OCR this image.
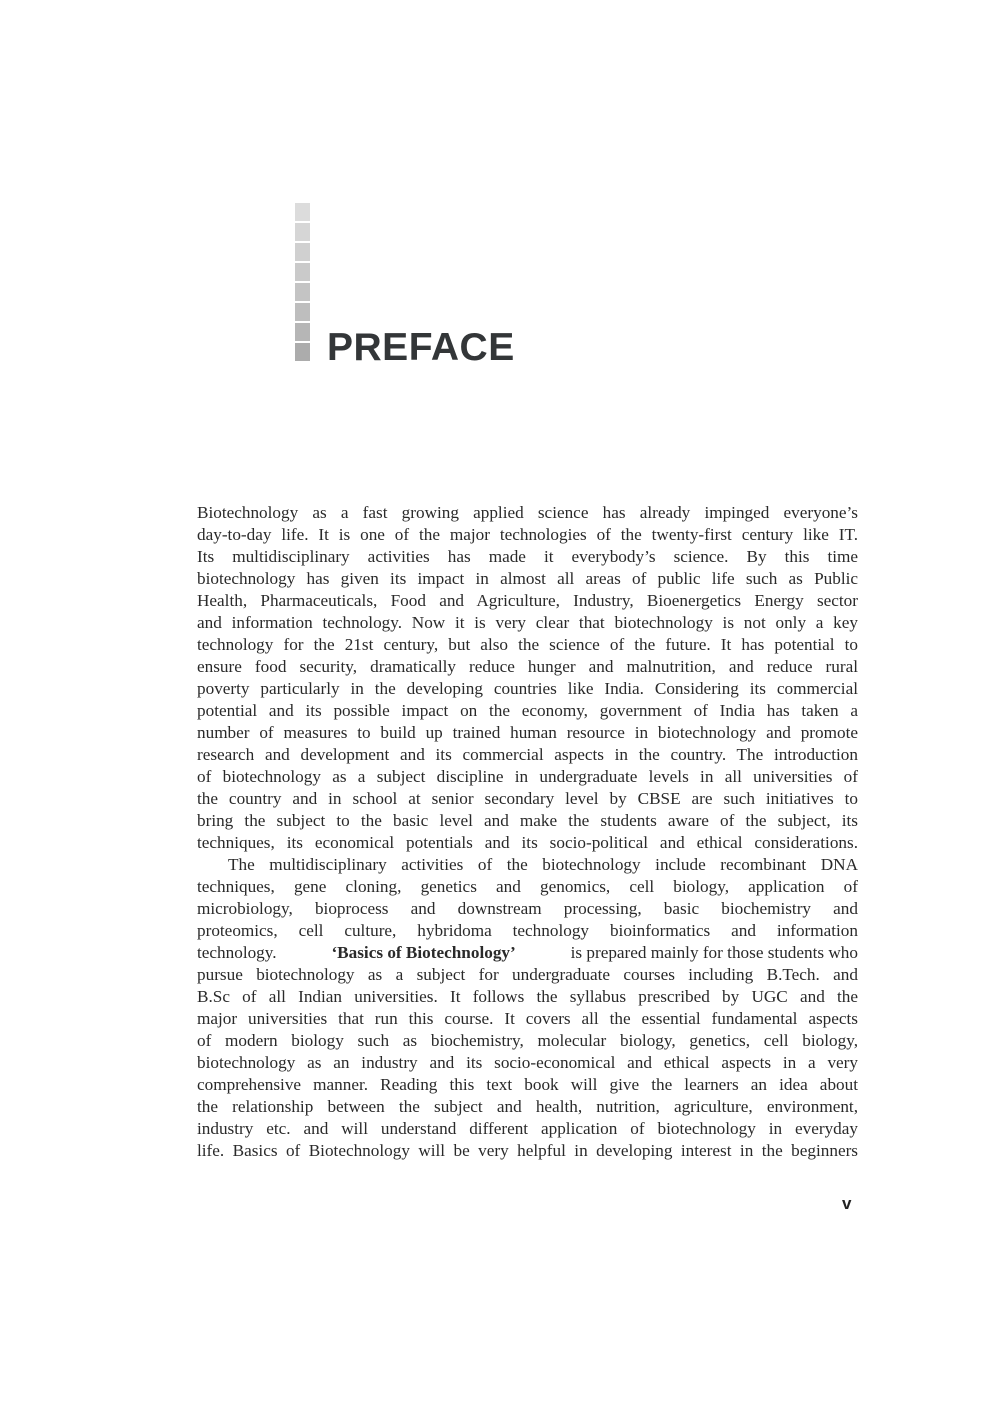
PREFACE
Biotechnology as a fast growing applied science has already impinged everyone’s
day-to-day life. It is one of the major technologies of the twenty-first century like IT.
Its multidisciplinary activities has made it everybody’s science. By this time
biotechnology has given its impact in almost all areas of public life such as Public
Health, Pharmaceuticals, Food and Agriculture, Industry, Bioenergetics Energy sector
and information technology. Now it is very clear that biotechnology is not only a key
technology for the 21st century, but also the science of the future. It has potential to
ensure food security, dramatically reduce hunger and malnutrition, and reduce rural
poverty particularly in the developing countries like India. Considering its commercial
potential and its possible impact on the economy, government of India has taken a
number of measures to build up trained human resource in biotechnology and promote
research and development and its commercial aspects in the country. The introduction
of biotechnology as a subject discipline in undergraduate levels in all universities of
the country and in school at senior secondary level by CBSE are such initiatives to
bring the subject to the basic level and make the students aware of the subject, its
techniques, its economical potentials and its socio-political and ethical considerations.
The multidisciplinary activities of the biotechnology include recombinant DNA
techniques, gene cloning, genetics and genomics, cell biology, application of
microbiology, bioprocess and downstream processing, basic biochemistry and
proteomics, cell culture, hybridoma technology bioinformatics and information
technology.	‘Basics of Biotechnology’	is prepared mainly for those students who
pursue biotechnology as a subject for undergraduate courses including B.Tech. and
B.Sc of all Indian universities. It follows the syllabus prescribed by UGC and the
major universities that run this course. It covers all the essential fundamental aspects
of modern biology such as biochemistry, molecular biology, genetics, cell biology,
biotechnology as an industry and its socio-economical and ethical aspects in a very
comprehensive manner. Reading this text book will give the learners an idea about
the relationship between the subject and health, nutrition, agriculture, environment,
industry etc. and will understand different application of biotechnology in everyday
life. Basics of Biotechnology will be very helpful in developing interest in the beginners
v
